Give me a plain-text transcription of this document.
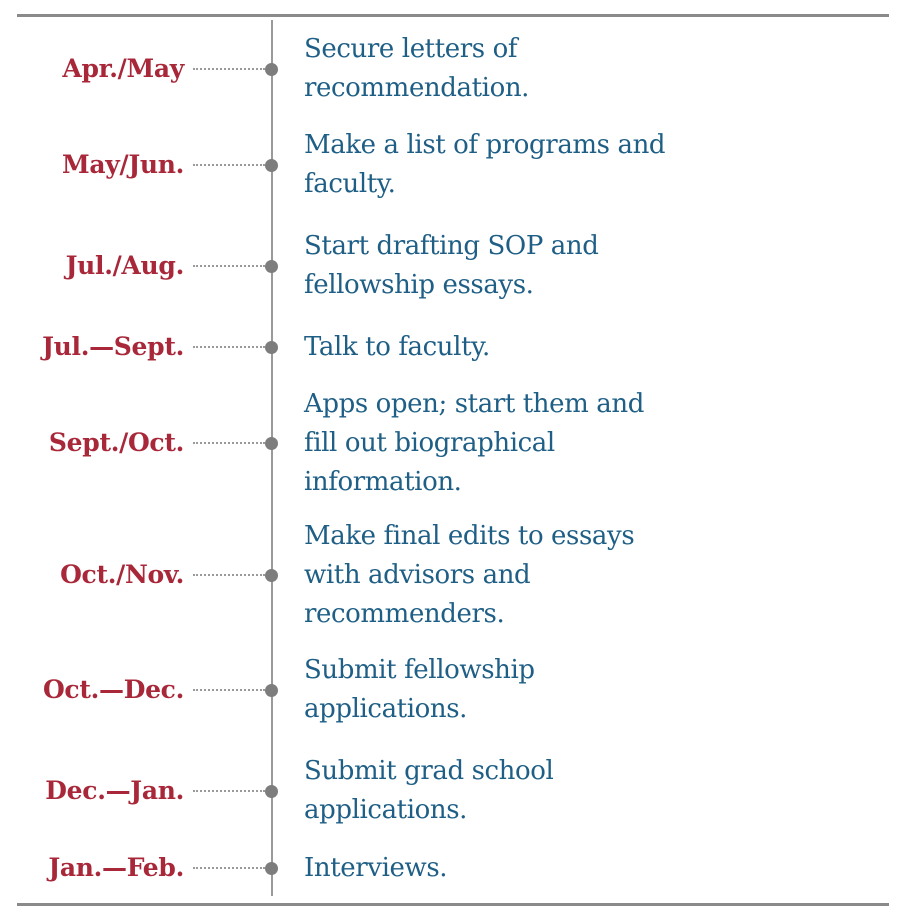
Apr./May
Secure letters of recommendation.
May/Jun.
Make a list of programs and faculty.
Jul./Aug.
Start drafting SOP and fellowship essays.
Jul.—Sept.	Talk to faculty.
Sept./Oct.
Apps open; start them and fill out biographical information.
Oct./Nov.
Make final edits to essays with advisors and recommenders.
Oct.—Dec.
Submit fellowship applications.
Dec.—Jan.
Submit grad school applications.
Jan.—Feb.	Interviews.
